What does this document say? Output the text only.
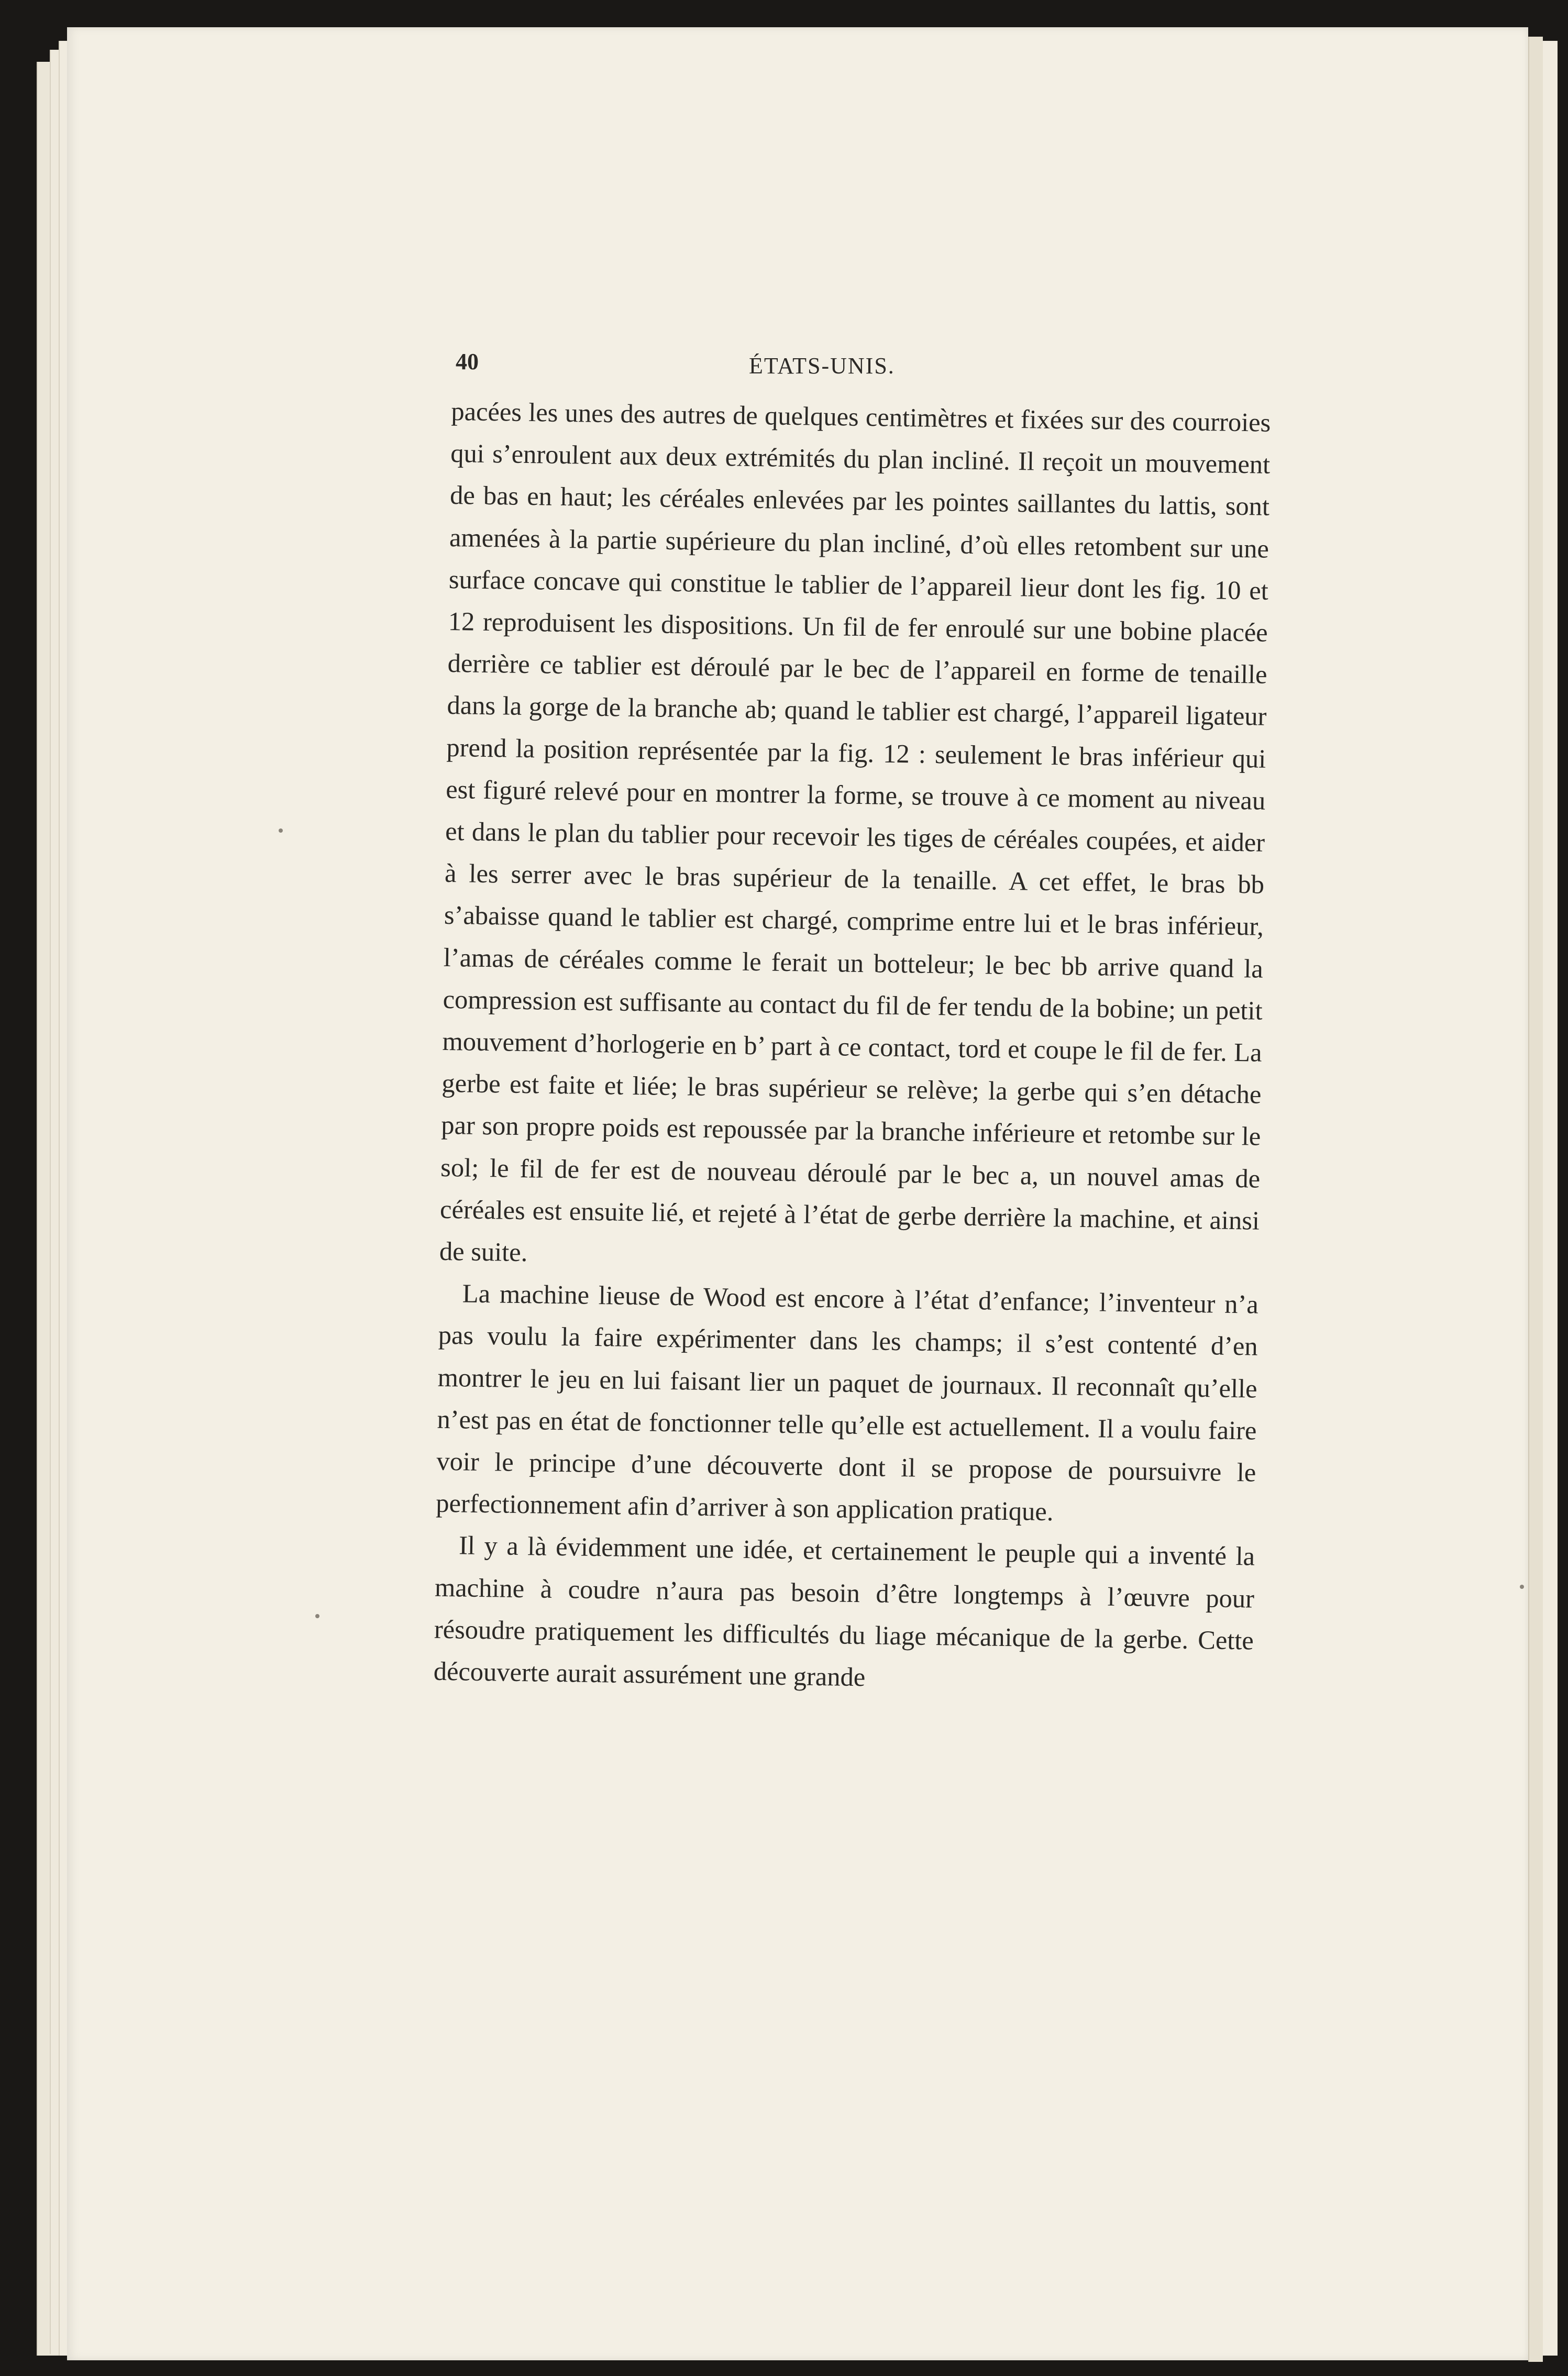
40	ÉTATS-UNIS.

pacées les unes des autres de quelques centimètres et fixées sur des courroies qui s’enroulent aux deux extrémités du plan incliné. Il reçoit un mouvement de bas en haut; les céréales enlevées par les pointes saillantes du lattis, sont amenées à la partie supérieure du plan incliné, d’où elles retombent sur une surface concave qui constitue le tablier de l’appareil lieur dont les fig. 10 et 12 reproduisent les dispositions. Un fil de fer enroulé sur une bobine placée derrière ce tablier est déroulé par le bec de l’appareil en forme de tenaille dans la gorge de la branche ab; quand le tablier est chargé, l’appareil ligateur prend la position représentée par la fig. 12 : seulement le bras inférieur qui est figuré relevé pour en montrer la forme, se trouve à ce moment au niveau et dans le plan du tablier pour recevoir les tiges de céréales coupées, et aider à les serrer avec le bras supérieur de la tenaille. A cet effet, le bras bb s’abaisse quand le tablier est chargé, comprime entre lui et le bras inférieur, l’amas de céréales comme le ferait un botteleur; le bec bb arrive quand la compression est suffisante au contact du fil de fer tendu de la bobine; un petit mouvement d’horlogerie en b’ part à ce contact, tord et coupe le fil de fer. La gerbe est faite et liée; le bras supérieur se relève; la gerbe qui s’en détache par son propre poids est repoussée par la branche inférieure et retombe sur le sol; le fil de fer est de nouveau déroulé par le bec a, un nouvel amas de céréales est ensuite lié, et rejeté à l’état de gerbe derrière la machine, et ainsi de suite.

La machine lieuse de Wood est encore à l’état d’enfance; l’inventeur n’a pas voulu la faire expérimenter dans les champs; il s’est contenté d’en montrer le jeu en lui faisant lier un paquet de journaux. Il reconnaît qu’elle n’est pas en état de fonctionner telle qu’elle est actuellement. Il a voulu faire voir le principe d’une découverte dont il se propose de poursuivre le perfectionnement afin d’arriver à son application pratique.

Il y a là évidemment une idée, et certainement le peuple qui a inventé la machine à coudre n’aura pas besoin d’être longtemps à l’œuvre pour résoudre pratiquement les difficultés du liage mécanique de la gerbe. Cette découverte aurait assurément une grande
